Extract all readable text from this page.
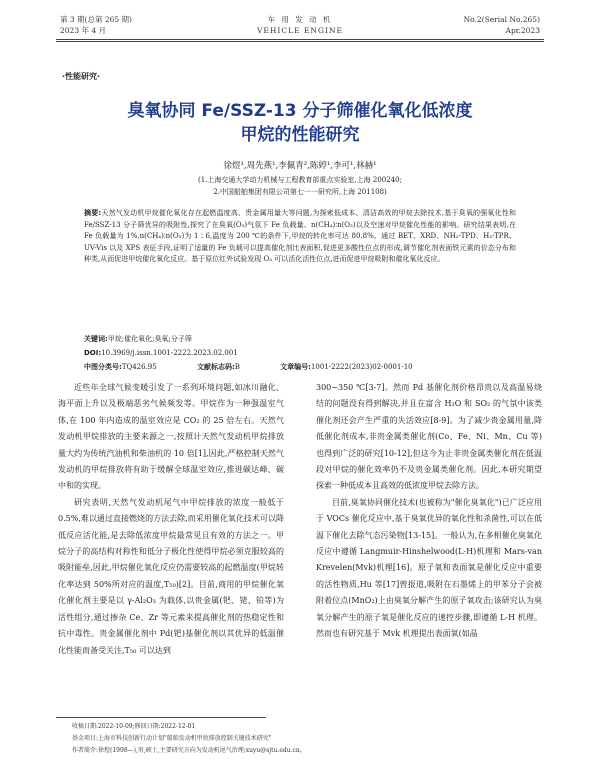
第 3 期(总第 265 期)
2023 年 4 月
车 用 发 动 机
VEHICLE ENGINE
No.2(Serial No.265)
Apr.2023
·性能研究·
臭氧协同 Fe/SSZ-13 分子筛催化氧化低浓度
甲烷的性能研究
徐煜¹,周先燕¹,李佩青²,陈婷¹,李可¹,林赫¹
(1.上海交通大学动力机械与工程教育部重点实验室,上海 200240;
2.中国船舶集团有限公司第七一一研究所,上海 201108)
摘要:天然气发动机甲烷催化氧化存在起燃温度高、贵金属用量大等问题,为探索低成本、清洁高效的甲烷去除技术,基于臭氧的强氧化性和 Fe/SSZ-13 分子筛优异的吸附性,探究了在臭氧(O₃)气氛下 Fe 负载量、n(CH₄)∶n(O₃)以及空速对甲烷催化性能的影响。研究结果表明,在 Fe 负载量为 1%,n(CH₄)∶n(O₃)为 1∶6,温度为 200 ℃的条件下,甲烷的转化率可达 80.8%。通过 BET、XRD、NH₃-TPD、H₂-TPR、UV-Vis 以及 XPS 表征手段,证明了适量的 Fe 负载可以提高催化剂比表面积,促进更多酸性位点的形成,调节催化剂表面铁元素的价态分布和种类,从而促进甲烷催化氧化反应。基于原位红外试验发现 O₃ 可以活化活性位点,进而促进甲烷吸附和催化氧化反应。
关键词:甲烷;催化氧化;臭氧;分子筛
DOI:10.3969/j.issn.1001-2222.2023.02.001
中图分类号:TQ426.95	文献标志码:B	文章编号:1001-2222(2023)02-0001-10

近些年全球气候变暖引发了一系列环境问题,如冰川融化、海平面上升以及极端恶劣气候频发等。甲烷作为一种强温室气体,在 100 年内造成的温室效应是 CO₂ 的 25 倍左右。天然气发动机甲烷排放的主要来源之一,按照计天然气发动机甲烷排放量大约为传统汽油机和柴油机的 10 倍[1],因此,严格控制天然气发动机的甲烷排放将有助于缓解全球温室效应,推进碳达峰、碳中和的实现。

研究表明,天然气发动机尾气中甲烷排放的浓度一般低于 0.5%,难以通过直接燃烧的方法去除,而采用催化氧化技术可以降低反应活化能,是去除低浓度甲烷最常见且有效的方法之一。甲烷分子的高结构对称性和低分子极化性使得甲烷必须克服较高的吸附能垒,因此,甲烷催化氧化反应仍需要较高的起燃温度(甲烷转化率达到 50%所对应的温度,T₅₀)[2]。目前,商用的甲烷催化氧化催化剂主要是以 γ-Al₂O₃ 为载体,以贵金属(钯、铑、铂等)为活性组分,通过掺杂 Ce、Zr 等元素来提高催化剂的热稳定性和抗中毒性。贵金属催化剂中 Pd(钯)基催化剂以其优异的低温催化性能而备受关注,T₅₀ 可以达到

300~350 ℃[3-7]。然而 Pd 基催化剂价格昂贵以及高温易烧结的问题没有得到解决,并且在富含 H₂O 和 SO₂ 的气氛中该类催化剂还会产生严重的失活效应[8-9]。为了减少贵金属用量,降低催化剂成本,非贵金属类催化剂(Co、Fe、Ni、Mn、Cu 等)也得到广泛的研究[10-12],但这今为止非贵金属类催化剂在低温段对甲烷的催化效率仍不及贵金属类催化剂。因此,本研究期望探索一种低成本且高效的低浓度甲烷去除方法。

目前,臭氧协同催化技术(也被称为"催化臭氧化")已广泛应用于 VOCs 催化反应中,基于臭氧优异的氧化性和杀菌性,可以在低温下催化去除气态污染物[13-15]。一般认为,在多相催化臭氧化反应中遵循 Langmuir-Hinshelwood(L-H)机理和 Mars-van Krevelen(Mvk)机理[16]。原子氧和表面氧是催化反应中重要的活性物质,Hu 等[17]曾报道,吸附在石墨烯上的甲苯分子会被附着位点(MnO₂)上由臭氧分解产生的原子氧攻击;该研究认为臭氧分解产生的原子氧是催化反应的速控步骤,即遵循 L-H 机理。然而也有研究基于 Mvk 机理提出表面氧(如晶

收稿日期:2022-10-09;修回日期:2022-12-01
基金项目:上海市科技创新行动计划"船舶发动机甲烷排放控制关键技术研究"
作者简介:徐煜(1998—),男,硕士,主要研究方向为发动机尾气治理;xuyu@sjtu.edu.cn。
